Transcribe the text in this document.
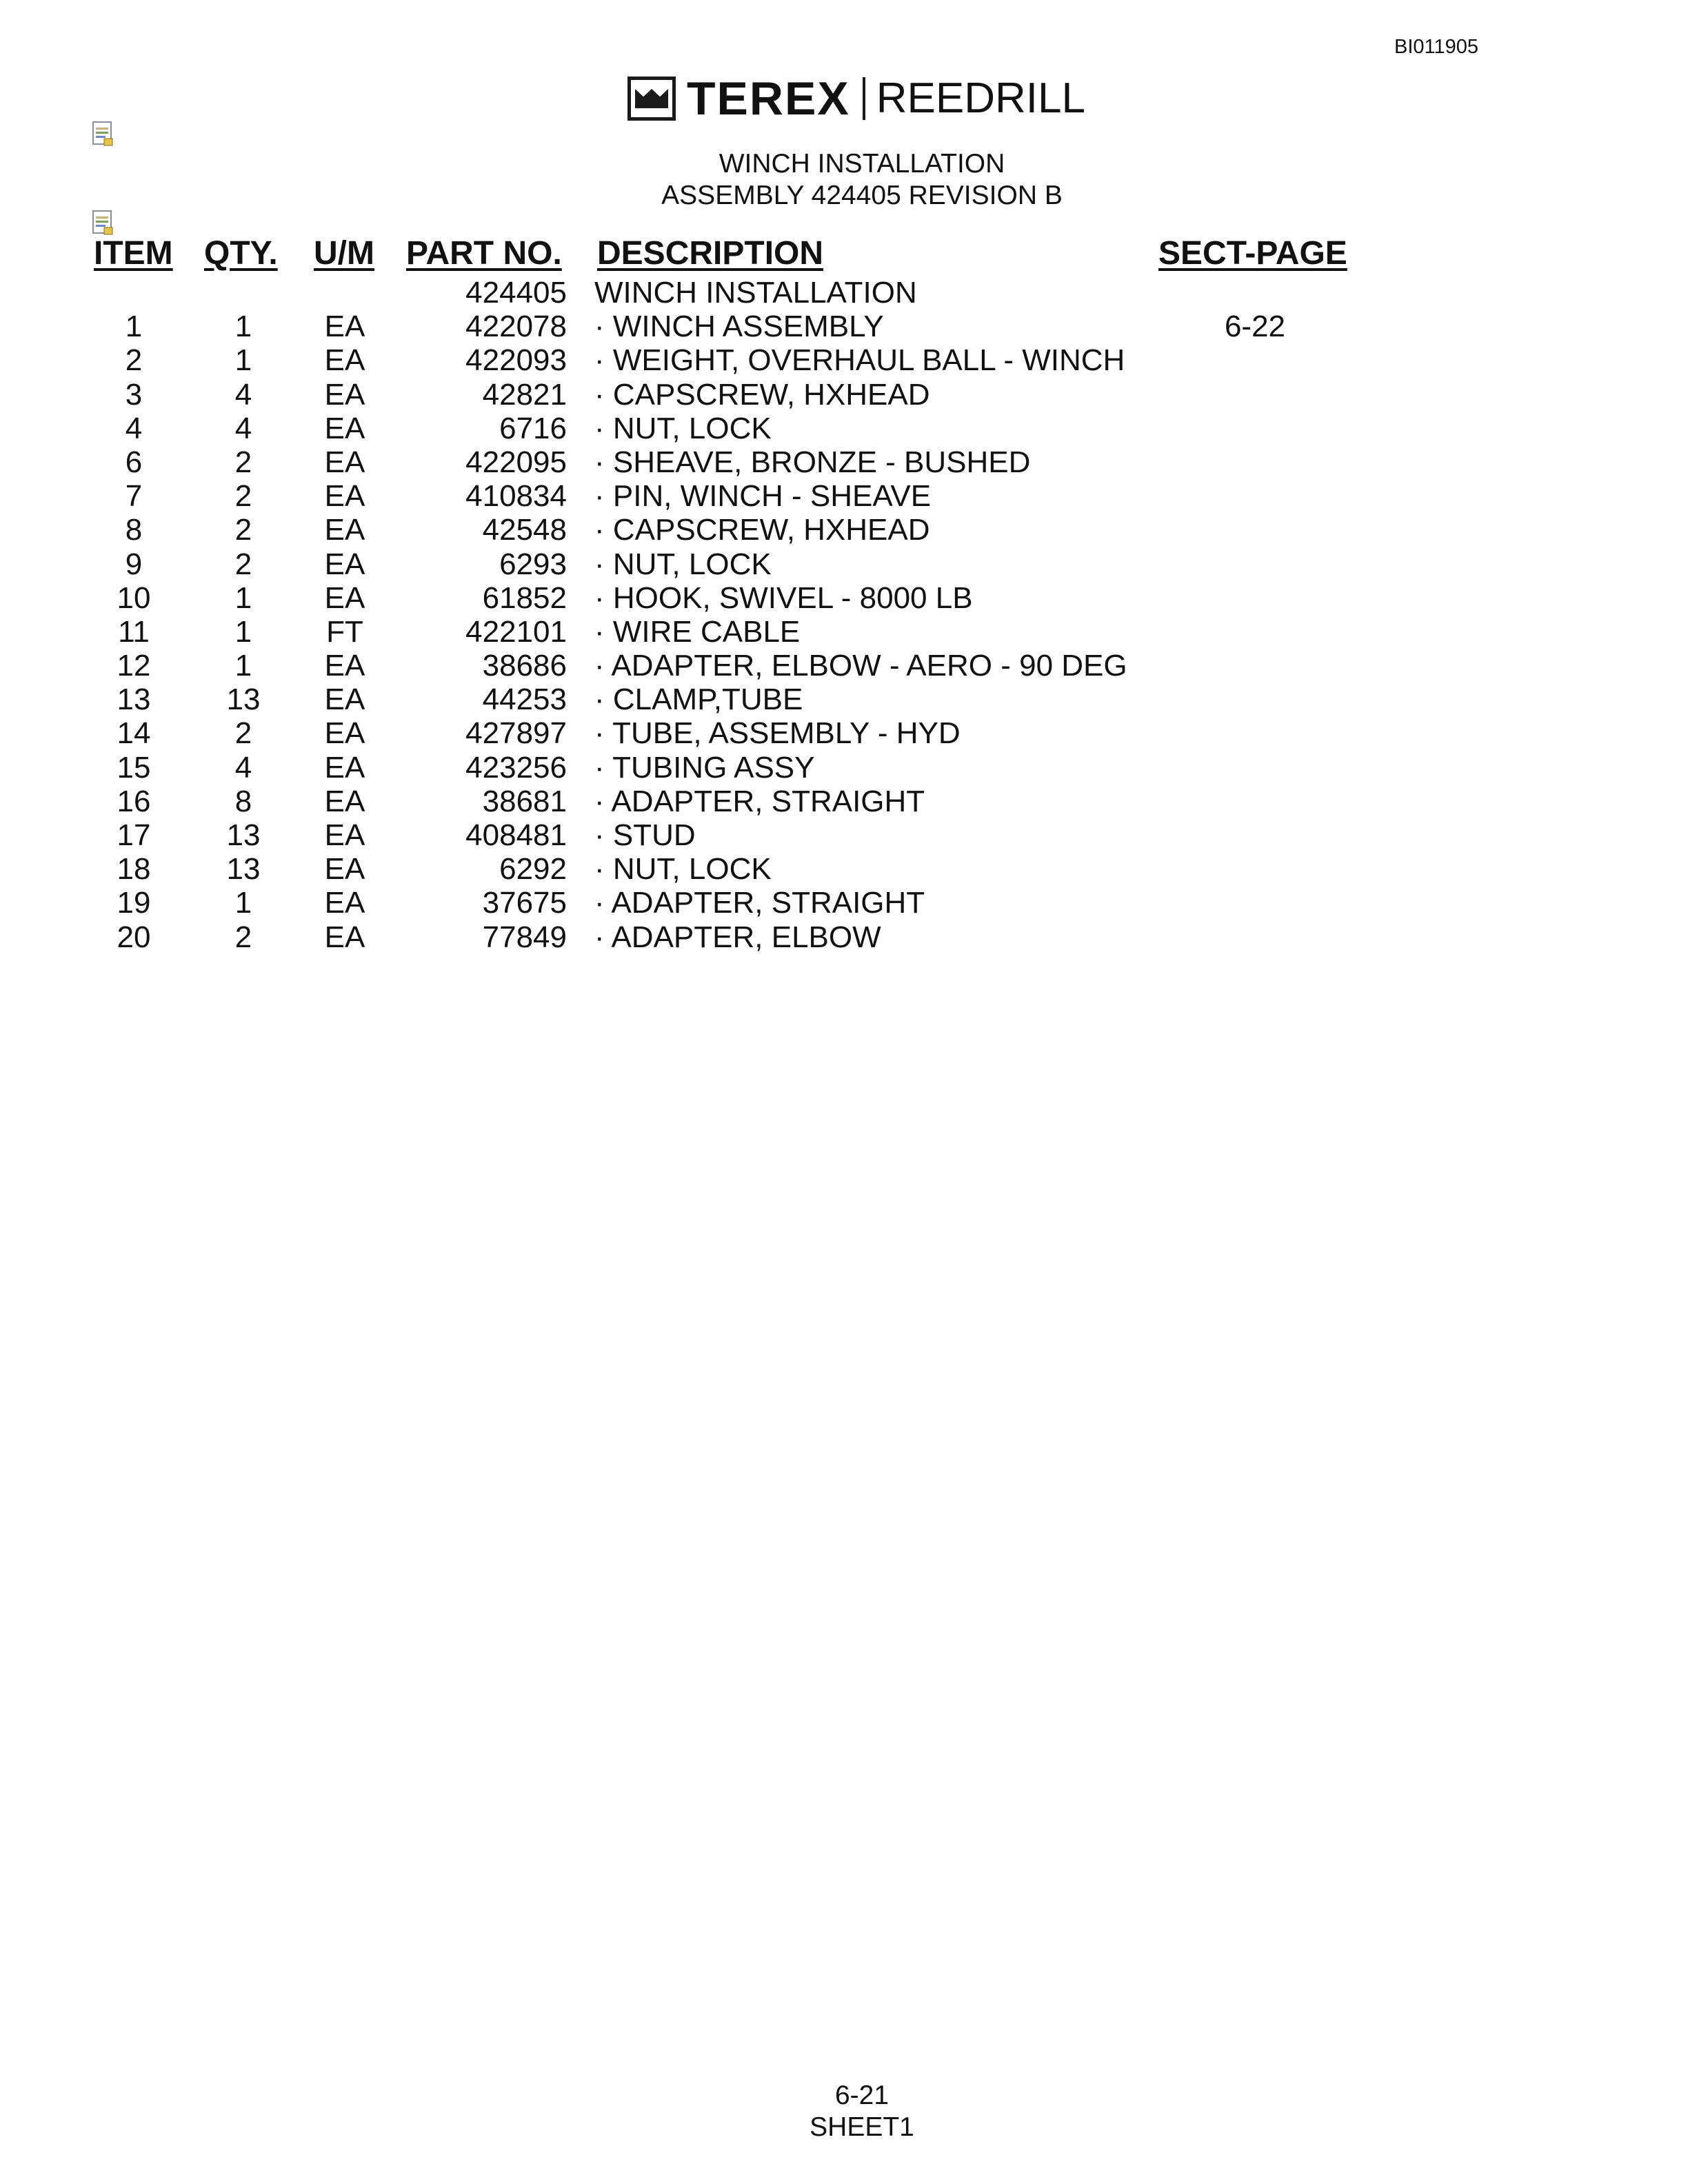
BI011905
TEREX REEDRILL
WINCH INSTALLATION
ASSEMBLY 424405 REVISION B
ITEM QTY. U/M PART NO. DESCRIPTION	SECT-PAGE
424405 WINCH INSTALLATION
1	1	EA	422078 · WINCH ASSEMBLY	6-22
2	1	EA	422093 · WEIGHT, OVERHAUL BALL - WINCH
3	4	EA	42821 · CAPSCREW, HXHEAD
4	4	EA	6716 · NUT, LOCK
6	2	EA	422095 · SHEAVE, BRONZE - BUSHED
7	2	EA	410834 · PIN, WINCH - SHEAVE
8	2	EA	42548 · CAPSCREW, HXHEAD
9	2	EA	6293 · NUT, LOCK
10	1	EA	61852 · HOOK, SWIVEL - 8000 LB
11	1	FT	422101 · WIRE CABLE
12	1	EA	38686 · ADAPTER, ELBOW - AERO - 90 DEG
13	13	EA	44253 · CLAMP,TUBE
14	2	EA	427897 · TUBE, ASSEMBLY - HYD
15	4	EA	423256 · TUBING ASSY
16	8	EA	38681 · ADAPTER, STRAIGHT
17	13	EA	408481 · STUD
18	13	EA	6292 · NUT, LOCK
19	1	EA	37675 · ADAPTER, STRAIGHT
20	2	EA	77849 · ADAPTER, ELBOW
6-21
SHEET1
